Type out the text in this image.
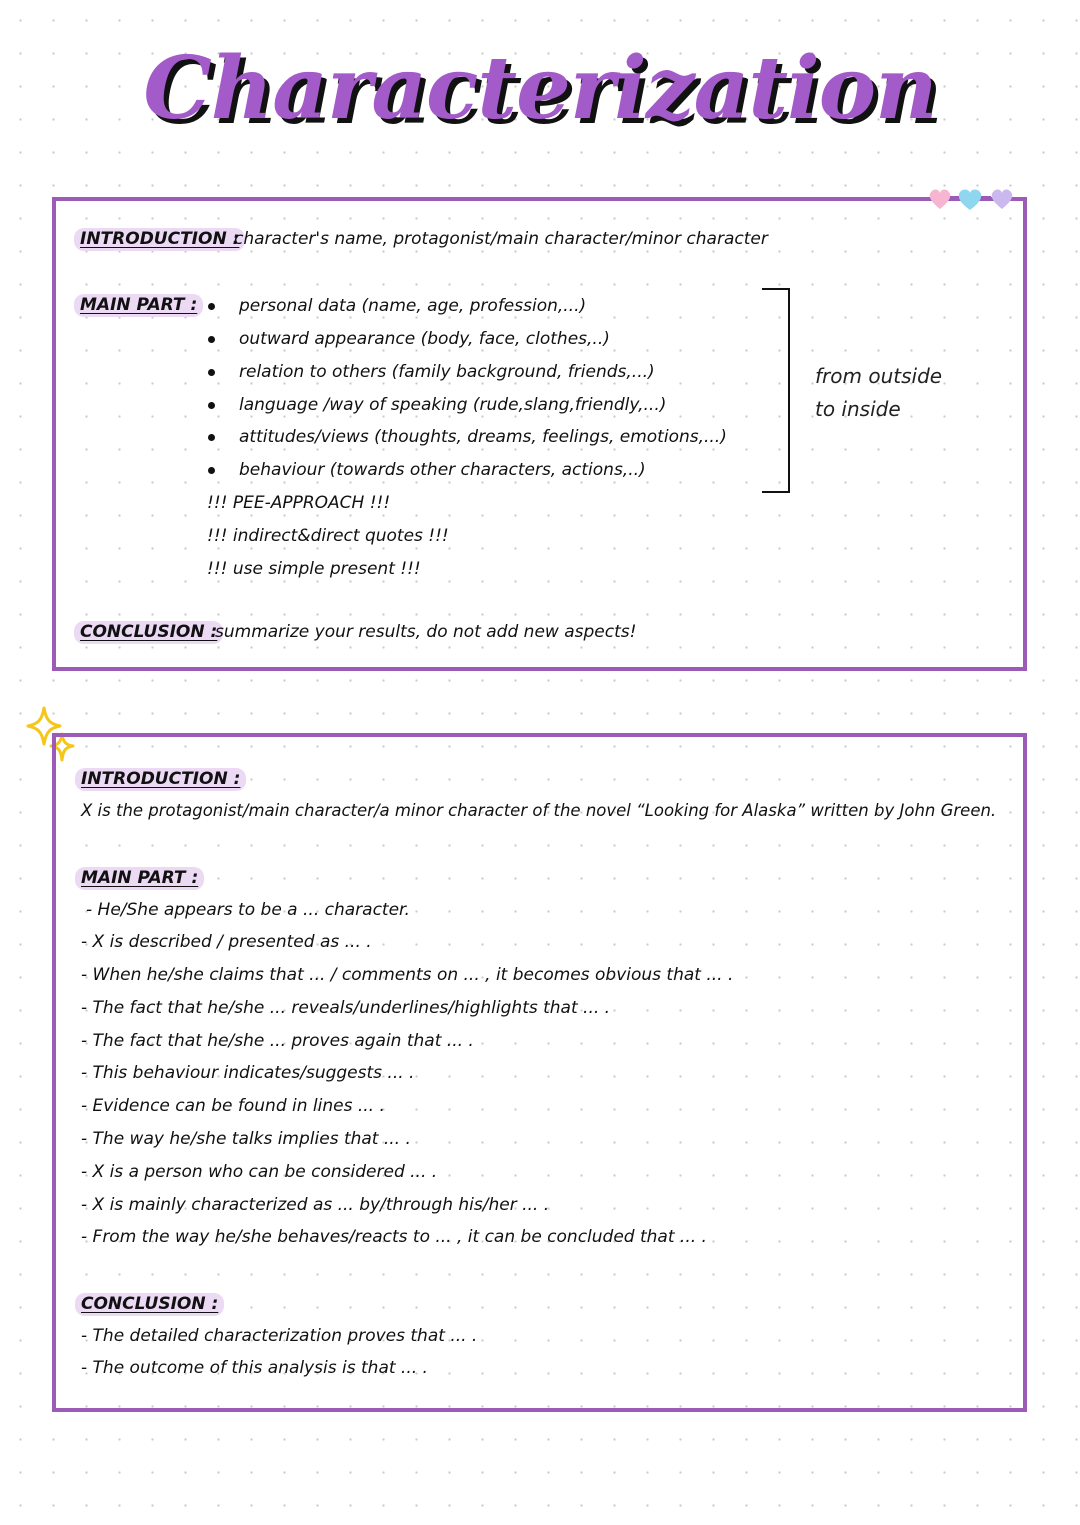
Characterization
INTRODUCTION :
character's name, protagonist/main character/minor character
MAIN PART :	personal data (name, age, profession,...)
outward appearance (body, face, clothes,..)
relation to others (family background, friends,...)
language /way of speaking (rude,slang,friendly,...)
attitudes/views (thoughts, dreams, feelings, emotions,...)
behaviour (towards other characters, actions,..)
!!! PEE-APPROACH !!!
!!! indirect&direct quotes !!!
!!! use simple present !!!
from outside
to inside
CONCLUSION :
summarize your results, do not add new aspects!
INTRODUCTION :
X is the protagonist/main character/a minor character of the novel “Looking for Alaska” written by John Green.
MAIN PART :
- He/She appears to be a ... character.
- X is described / presented as ... .
- When he/she claims that ... / comments on ... , it becomes obvious that ... .
- The fact that he/she ... reveals/underlines/highlights that ... .
- The fact that he/she ... proves again that ... .
- This behaviour indicates/suggests ... .
- Evidence can be found in lines ... .
- The way he/she talks implies that ... .
- X is a person who can be considered ... .
- X is mainly characterized as ... by/through his/her ... .
- From the way he/she behaves/reacts to ... , it can be concluded that ... .
CONCLUSION :
- The detailed characterization proves that ... .
- The outcome of this analysis is that ... .
